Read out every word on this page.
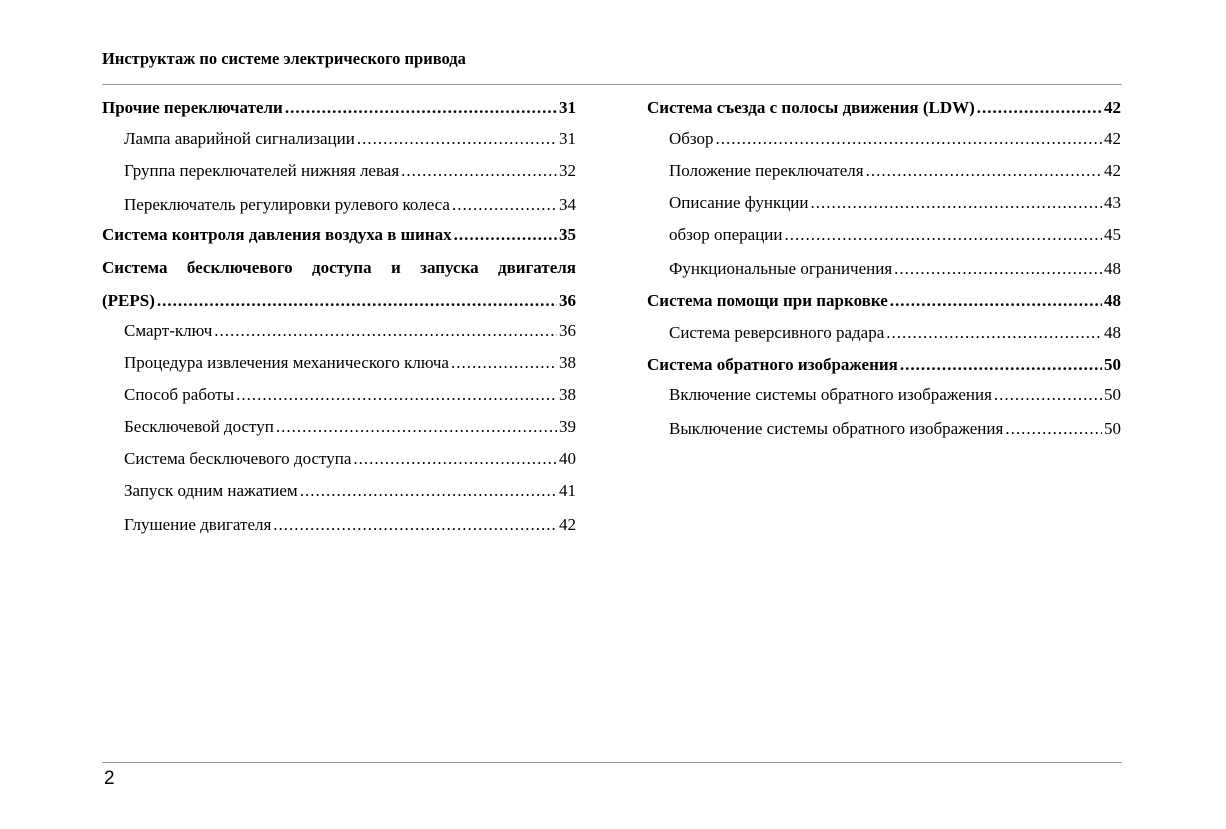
Инструктаж по системе электрического привода
Прочие переключатели .....	31
Лампа аварийной сигнализации .....	31
Группа переключателей нижняя левая .....	32
Переключатель регулировки рулевого колеса .....	34
Система контроля давления воздуха в шинах .....	35
Система бесключевого доступа и запуска двигателя
(PEPS) .....	36
Смарт-ключ .....	36
Процедура извлечения механического ключа .....	38
Способ работы .....	38
Бесключевой доступ .....	39
Система бесключевого доступа .....	40
Запуск одним нажатием .....	41
Глушение двигателя .....	42
Система съезда с полосы движения (LDW) .....	42
Обзор .....	42
Положение переключателя .....	42
Описание функции .....	43
обзор операции .....	45
Функциональные ограничения .....	48
Система помощи при парковке .....	48
Система реверсивного радара .....	48
Система обратного изображения .....	50
Включение системы обратного изображения .....	50
Выключение системы обратного изображения .....	50
2
